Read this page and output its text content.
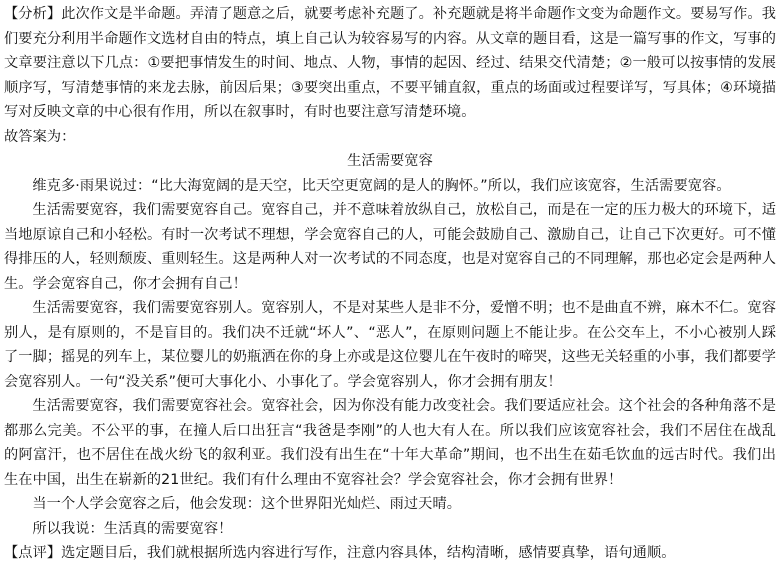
【分析】此次作文是半命题。弄清了题意之后，就要考虑补充题了。补充题就是将半命题作文变为命题作文。要易写作。我们要充分利用半命题作文选材自由的特点，填上自己认为较容易写的内容。从文章的题目看，这是一篇写事的作文，写事的文章要注意以下几点：①要把事情发生的时间、地点、人物，事情的起因、经过、结果交代清楚；②一般可以按事情的发展顺序写，写清楚事情的来龙去脉，前因后果；③要突出重点，不要平铺直叙，重点的场面或过程要详写，写具体；④环境描写对反映文章的中心很有作用，所以在叙事时，有时也要注意写清楚环境。

故答案为：

生活需要宽容

维克多·雨果说过：“比大海宽阔的是天空，比天空更宽阔的是人的胸怀。”所以，我们应该宽容，生活需要宽容。

生活需要宽容，我们需要宽容自己。宽容自己，并不意味着放纵自己，放松自己，而是在一定的压力极大的环境下，适当地原谅自己和小轻松。有时一次考试不理想，学会宽容自己的人，可能会鼓励自己、激励自己，让自己下次更好。可不懂得排压的人，轻则颓废、重则轻生。这是两种人对一次考试的不同态度，也是对宽容自己的不同理解，那也必定会是两种人生。学会宽容自己，你才会拥有自己！

生活需要宽容，我们需要宽容别人。宽容别人，不是对某些人是非不分，爱憎不明；也不是曲直不辨，麻木不仁。宽容别人，是有原则的，不是盲目的。我们决不迁就“坏人”、“恶人”，在原则问题上不能让步。在公交车上，不小心被别人踩了一脚；摇晃的列车上，某位婴儿的奶瓶洒在你的身上亦或是这位婴儿在午夜时的啼哭，这些无关轻重的小事，我们都要学会宽容别人。一句“没关系”便可大事化小、小事化了。学会宽容别人，你才会拥有朋友！

生活需要宽容，我们需要宽容社会。宽容社会，因为你没有能力改变社会。我们要适应社会。这个社会的各种角落不是都那么完美。不公平的事，在撞人后口出狂言“我爸是李刚”的人也大有人在。所以我们应该宽容社会，我们不居住在战乱的阿富汗，也不居住在战火纷飞的叙利亚。我们没有出生在“十年大革命”期间，也不出生在茹毛饮血的远古时代。我们出生在中国，出生在崭新的21世纪。我们有什么理由不宽容社会？学会宽容社会，你才会拥有世界！

当一个人学会宽容之后，他会发现：这个世界阳光灿烂、雨过天晴。

所以我说：生活真的需要宽容！

【点评】选定题目后，我们就根据所选内容进行写作，注意内容具体，结构清晰，感情要真挚，语句通顺。
